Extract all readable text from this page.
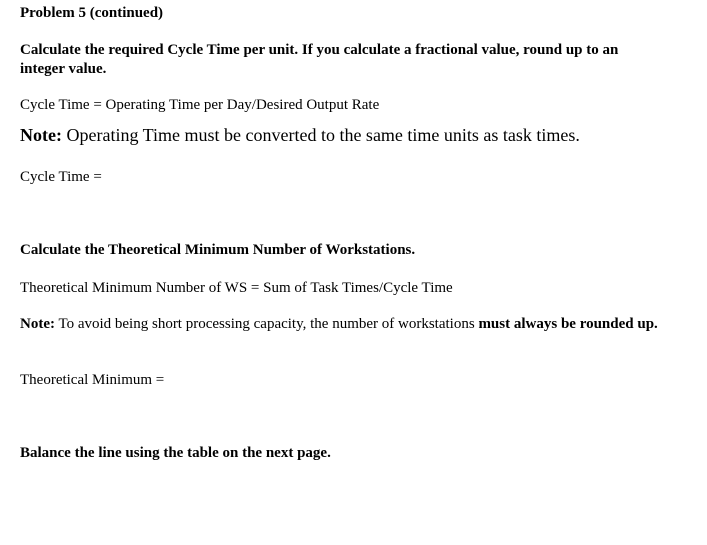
Problem 5 (continued)

Calculate the required Cycle Time per unit. If you calculate a fractional value, round up to an integer value.

Cycle Time = Operating Time per Day/Desired Output Rate

Note: Operating Time must be converted to the same time units as task times.

Cycle Time =

Calculate the Theoretical Minimum Number of Workstations.

Theoretical Minimum Number of WS = Sum of Task Times/Cycle Time

Note: To avoid being short processing capacity, the number of workstations must always be rounded up.

Theoretical Minimum =

Balance the line using the table on the next page.
